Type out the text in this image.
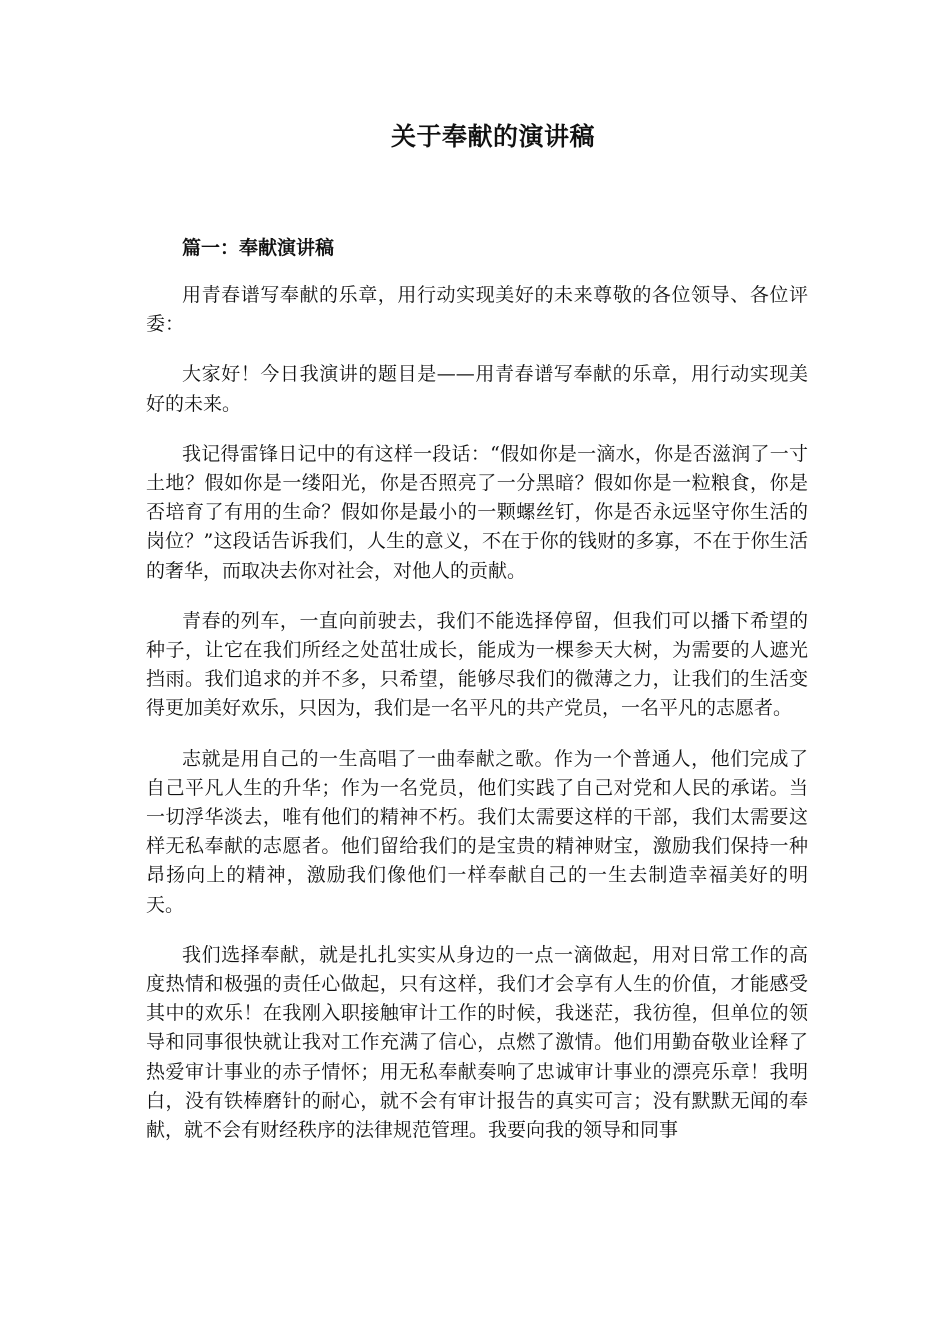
关于奉献的演讲稿
篇一：奉献演讲稿

用青春谱写奉献的乐章，用行动实现美好的未来尊敬的各位领导、各位评委：

大家好！今日我演讲的题目是——用青春谱写奉献的乐章，用行动实现美好的未来。

我记得雷锋日记中的有这样一段话：“假如你是一滴水，你是否滋润了一寸土地？假如你是一缕阳光，你是否照亮了一分黑暗？假如你是一粒粮食，你是否培育了有用的生命？假如你是最小的一颗螺丝钉，你是否永远坚守你生活的岗位？”这段话告诉我们，人生的意义，不在于你的钱财的多寡，不在于你生活的奢华，而取决去你对社会，对他人的贡献。

青春的列车，一直向前驶去，我们不能选择停留，但我们可以播下希望的种子，让它在我们所经之处茁壮成长，能成为一棵参天大树，为需要的人遮光挡雨。我们追求的并不多，只希望，能够尽我们的微薄之力，让我们的生活变得更加美好欢乐，只因为，我们是一名平凡的共产党员，一名平凡的志愿者。

志就是用自己的一生高唱了一曲奉献之歌。作为一个普通人，他们完成了自己平凡人生的升华；作为一名党员，他们实践了自己对党和人民的承诺。当一切浮华淡去，唯有他们的精神不朽。我们太需要这样的干部，我们太需要这样无私奉献的志愿者。他们留给我们的是宝贵的精神财宝，激励我们保持一种昂扬向上的精神，激励我们像他们一样奉献自己的一生去制造幸福美好的明天。

我们选择奉献，就是扎扎实实从身边的一点一滴做起，用对日常工作的高度热情和极强的责任心做起，只有这样，我们才会享有人生的价值，才能感受其中的欢乐！在我刚入职接触审计工作的时候，我迷茫，我彷徨，但单位的领导和同事很快就让我对工作充满了信心，点燃了激情。他们用勤奋敬业诠释了热爱审计事业的赤子情怀；用无私奉献奏响了忠诚审计事业的漂亮乐章！我明白，没有铁棒磨针的耐心，就不会有审计报告的真实可言；没有默默无闻的奉献，就不会有财经秩序的法律规范管理。我要向我的领导和同事
